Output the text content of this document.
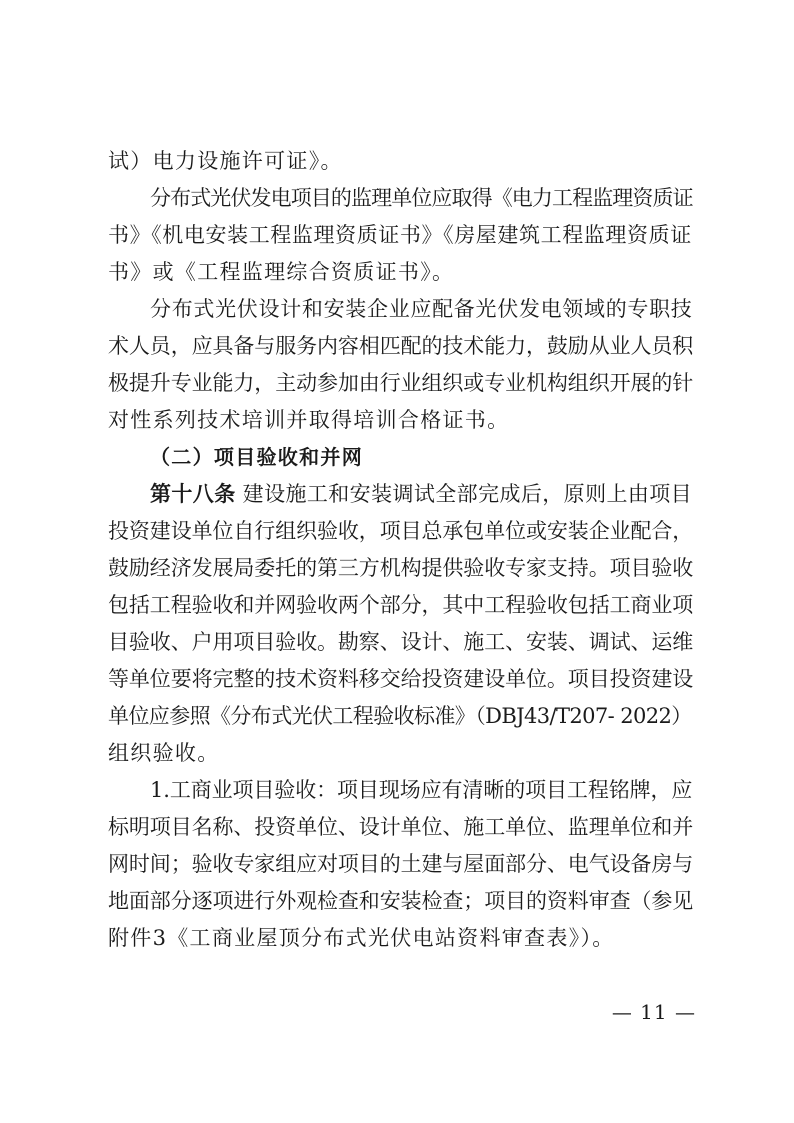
试）电力设施许可证》。
分布式光伏发电项目的监理单位应取得《电力工程监理资质证
书》《机电安装工程监理资质证书》《房屋建筑工程监理资质证
书》或《工程监理综合资质证书》。
分布式光伏设计和安装企业应配备光伏发电领域的专职技
术人员，应具备与服务内容相匹配的技术能力，鼓励从业人员积
极提升专业能力，主动参加由行业组织或专业机构组织开展的针
对性系列技术培训并取得培训合格证书。
（二）项目验收和并网
第十八条 建设施工和安装调试全部完成后，原则上由项目
投资建设单位自行组织验收，项目总承包单位或安装企业配合，
鼓励经济发展局委托的第三方机构提供验收专家支持。项目验收
包括工程验收和并网验收两个部分，其中工程验收包括工商业项
目验收、户用项目验收。勘察、设计、施工、安装、调试、运维
等单位要将完整的技术资料移交给投资建设单位。项目投资建设
单位应参照《分布式光伏工程验收标准》（DBJ43/T207- 2022）
组织验收。
1.工商业项目验收：项目现场应有清晰的项目工程铭牌，应
标明项目名称、投资单位、设计单位、施工单位、监理单位和并
网时间；验收专家组应对项目的土建与屋面部分、电气设备房与
地面部分逐项进行外观检查和安装检查；项目的资料审查（参见
附件3《工商业屋顶分布式光伏电站资料审查表》）。
— 11 —
